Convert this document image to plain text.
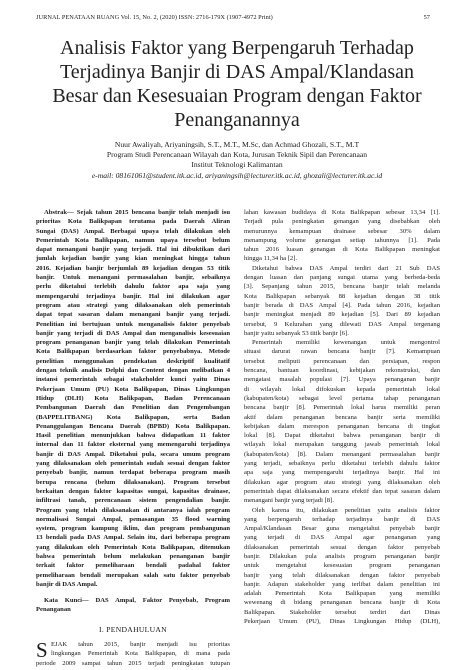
JURNAL PENATAAN RUANG Vol. 15, No. 2, (2020) ISSN: 2716-179X (1907-4972 Print)	57
Analisis Faktor yang Berpengaruh Terhadap
Terjadinya Banjir di DAS Ampal/Klandasan
Besar dan Kesesuaian Program dengan Faktor
Penanganannya
Nuur Awaliyah, Ariyaningsih, S.T., M.T., M.Sc, dan Achmad Ghozali, S.T., M.T
Program Studi Perencanaan Wilayah dan Kota, Jurusan Teknik Sipil dan Perencanaan
Institut Teknologi Kalimantan
e-mail: 08161061@student.itk.ac.id, ariyaningsih@lecturer.itk.ac.id, ghozali@lecturer.itk.ac.id
Abstrak— Sejak tahun 2015 bencana banjir telah menjadi isu
prioritas Kota Balikpapan terutama pada Daerah Aliran
Sungai (DAS) Ampal. Berbagai upaya telah dilakukan oleh
Pemerintah Kota Balikpapan, namun upaya tersebut belum
dapat menangani banjir yang terjadi. Hal ini dibuktikan dari
jumlah kejadian banjir yang kian meningkat hingga tahun
2016. Kejadian banjir berjumlah 89 kejadian dengan 53 titik
banjir. Untuk menangani permasalahan banjir, sebaiknya
perlu diketahui terlebih dahulu faktor apa saja yang
mempengaruhi terjadinya banjir. Hal ini dilakukan agar
program atau strategi yang dilaksanakan oleh pemerintah
dapat tepat sasaran dalam menangani banjir yang terjadi.
Penelitian ini bertujuan untuk menganalisis faktor penyebab
banjir yang terjadi di DAS Ampal dan menganalisis kesesuaian
program penanganan banjir yang telah dilakukan Pemerintah
Kota Balikpapan berdasarkan faktor penyebabnya. Metode
penelitian menggunakan pendekatan deskriptif kualitatif
dengan teknik analisis Delphi dan Content dengan melibatkan 4
instansi pemerintah sebagai stakeholder kunci yaitu Dinas
Pekerjaan Umum (PU) Kota Balikpapan, Dinas Lingkungan
Hidup (DLH) Kota Balikpapan, Badan Perencanaan
Pembangunan Daerah dan Penelitian dan Pengembangan
(BAPPELITBANG) Kota Balikpapan, serta Badan
Penanggulangan Bencana Daerah (BPBD) Kota Balikpapan.
Hasil penelitian menunjukkan bahwa didapatkan 11 faktor
internal dan 11 faktor eksternal yang memengaruhi terjadinya
banjir di DAS Ampal. Diketahui pula, secara umum program
yang dilaksanakan oleh pemerintah sudah sesuai dengan faktor
penyebab banjir, namun terdapat beberapa program masih
berupa rencana (belum dilaksanakan). Program tersebut
berkaitan dengan faktor kapasitas sungai, kapasitas drainase,
infiltrasi tanah, perencanaan sistem pengendalian banjir.
Program yang telah dilaksanakan di antaranya ialah program
normalisasi Sungai Ampal, pemasangan 35 flood warning
system, program kampung iklim, dan program pembangunan
13 bendali pada DAS Ampal. Selain itu, dari beberapa program
yang dilakukan oleh Pemerintah Kota Balikpapan, ditemukan
bahwa pemerintah belum melakukan penanganan banjir
terkait faktor pemeliharaan bendali padahal faktor
pemeliharaan bendali merupakan salah satu faktor penyebab
banjir di DAS Ampal.
Kata Kunci— DAS Ampal, Faktor Penyebab, Program
Penanganan
I. PENDAHULUAN
S EJAK tahun 2015, banjir menjadi isu prioritas
lingkungan Pemerintah Kota Balikpapan, di mana pada
periode 2009 sampai tahun 2015 terjadi peningkatan tutupan
lahan kawasan budidaya di Kota Balikpapan sebesar 13,34 [1].
Terjadi pula peningkatan genangan yang disebabkan oleh
menurunnya kemampuan drainase sebesar 30% dalam
menampung volume genangan setiap tahunnya [1]. Pada
tahun 2016 luasan genangan di Kota Balikpapan meningkat
hingga 11,34 ha [2].
Diketahui bahwa DAS Ampal terdiri dari 21 Sub DAS
dengan luasan dan panjang sungai utama yang berbeda-beda
[3]. Sepanjang tahun 2015, bencana banjir telah melanda
Kota Balikpapan sebanyak 88 kejadian dengan 38 titik
banjir berada di DAS Ampal [4]. Pada tahun 2016, kejadian
banjir meningkat menjadi 89 kejadian [5]. Dari 89 kejadian
tersebut, 9 Kelurahan yang dilewati DAS Ampal tergenang
banjir yaitu sebanyak 53 titik banjir [6].
Pemerintah memiliki kewenangan untuk mengontrol
situasi darurat rawan bencana banjir [7]. Kemampuan
tersebut meliputi perencanaan dan persiapan, respon
bencana, bantuan koordinasi, kebijakan rekonstruksi, dan
mengatasi masalah populasi [7]. Upaya penanganan banjir
di wilayah lokal difokuskan kepada pemerintah lokal
(kabupaten/kota) sebagai level pertama tahap penanganan
bencana banjir [8]. Pemerintah lokal harus memiliki peran
aktif dalam penanganan bencana banjir serta memiliki
kebijakan dalam merespon penanganan bencana di tingkat
lokal [8]. Dapat diketahui bahwa penanganan banjir di
wilayah lokal merupakan tanggung jawab pemerintah lokal
(kabupaten/kota) [8]. Dalam menangani permasalahan banjir
yang terjadi, sebaiknya perlu diketahui terlebih dahulu faktor
apa saja yang mempengaruhi terjadinya banjir. Hal ini
dilakukan agar program atau strategi yang dilaksanakan oleh
pemerintah dapat dilaksanakan secara efektif dan tepat sasaran dalam
menangani banjir yang terjadi [8].
Oleh karena itu, dilakukan penelitian yaitu analisis faktor
yang berpengaruh terhadap terjadinya banjir di DAS
Ampal/Klandasan Besar guna mengetahui penyebab banjir
yang terjadi di DAS Ampal agar penanganan yang
dilaksanakan pemerintah sesuai dengan faktor penyebab
banjir. Dilakukan pula analisis program penanganan banjir
untuk mengetahui kesesuaian program penanganan
banjir yang telah dilaksanakan dengan faktor penyebab
banjir. Adapun stakeholder yang terlibat dalam penelitian ini
adalah Pemerintah Kota Balikpapan yang memiliki
wewenang di bidang penanganan bencana banjir di Kota
Balikpapan. Stakeholder tersebut terdiri dari Dinas
Pekerjaan Umum (PU), Dinas Lingkungan Hidup (DLH),
